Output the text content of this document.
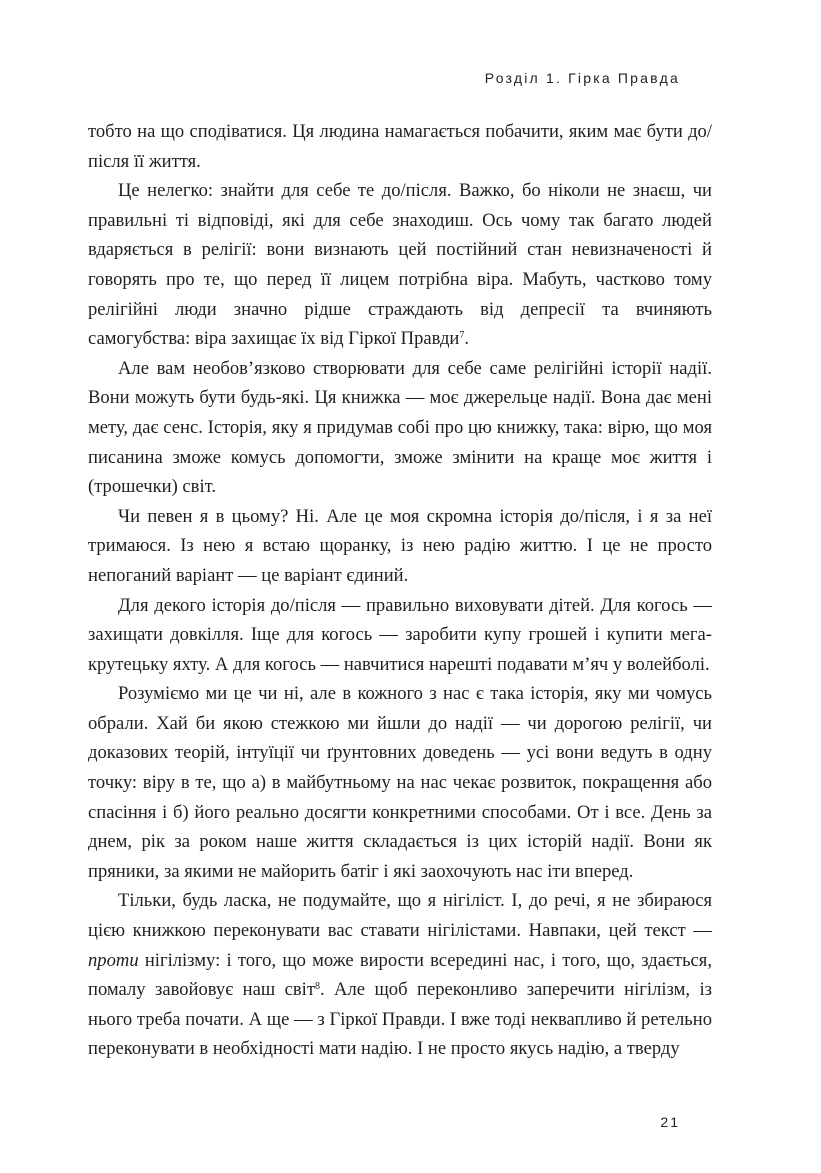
Розділ 1. Гірка Правда

тобто на що сподіватися. Ця людина намагається побачити, яким має бути до/після її життя.

Це нелегко: знайти для себе те до/після. Важко, бо ніколи не знаєш, чи правильні ті відповіді, які для себе знаходиш. Ось чому так багато людей вдаряється в релігії: вони визнають цей постійний стан невизначеності й говорять про те, що перед її лицем потрібна віра. Мабуть, частково тому релігійні люди значно рідше страждають від депресії та вчиняють самогубства: віра захищає їх від Гіркої Правди$^7$.

Але вам необов’язково створювати для себе саме релігійні історії надії. Вони можуть бути будь-які. Ця книжка — моє джерельце надії. Вона дає мені мету, дає сенс. Історія, яку я придумав собі про цю книжку, така: вірю, що моя писанина зможе комусь допомогти, зможе змінити на краще моє життя і (трошечки) світ.

Чи певен я в цьому? Ні. Але це моя скромна історія до/після, і я за неї тримаюся. Із нею я встаю щоранку, із нею радію життю. І це не просто непоганий варіант — це варіант єдиний.

Для декого історія до/після — правильно виховувати дітей. Для когось — захищати довкілля. Іще для когось — заробити купу грошей і купити мега-крутецьку яхту. А для когось — навчитися нарешті подавати м’яч у волейболі.

Розуміємо ми це чи ні, але в кожного з нас є така історія, яку ми чомусь обрали. Хай би якою стежкою ми йшли до надії — чи дорогою релігії, чи доказових теорій, інтуїції чи ґрунтовних доведень — усі вони ведуть в одну точку: віру в те, що а) в майбутньому на нас чекає розвиток, покращення або спасіння і б) його реально досягти конкретними способами. От і все. День за днем, рік за роком наше життя складається із цих історій надії. Вони як пряники, за якими не майорить батіг і які заохочують нас іти вперед.

Тільки, будь ласка, не подумайте, що я нігіліст. І, до речі, я не збираюся цією книжкою переконувати вас ставати нігілістами. Навпаки, цей текст — проти нігілізму: і того, що може вирости всередині нас, і того, що, здається, помалу завойовує наш світ$^8$. Але щоб переконливо заперечити нігілізм, із нього треба почати. А ще — з Гіркої Правди. І вже тоді неквапливо й ретельно переконувати в необхідності мати надію. І не просто якусь надію, а тверду

21
